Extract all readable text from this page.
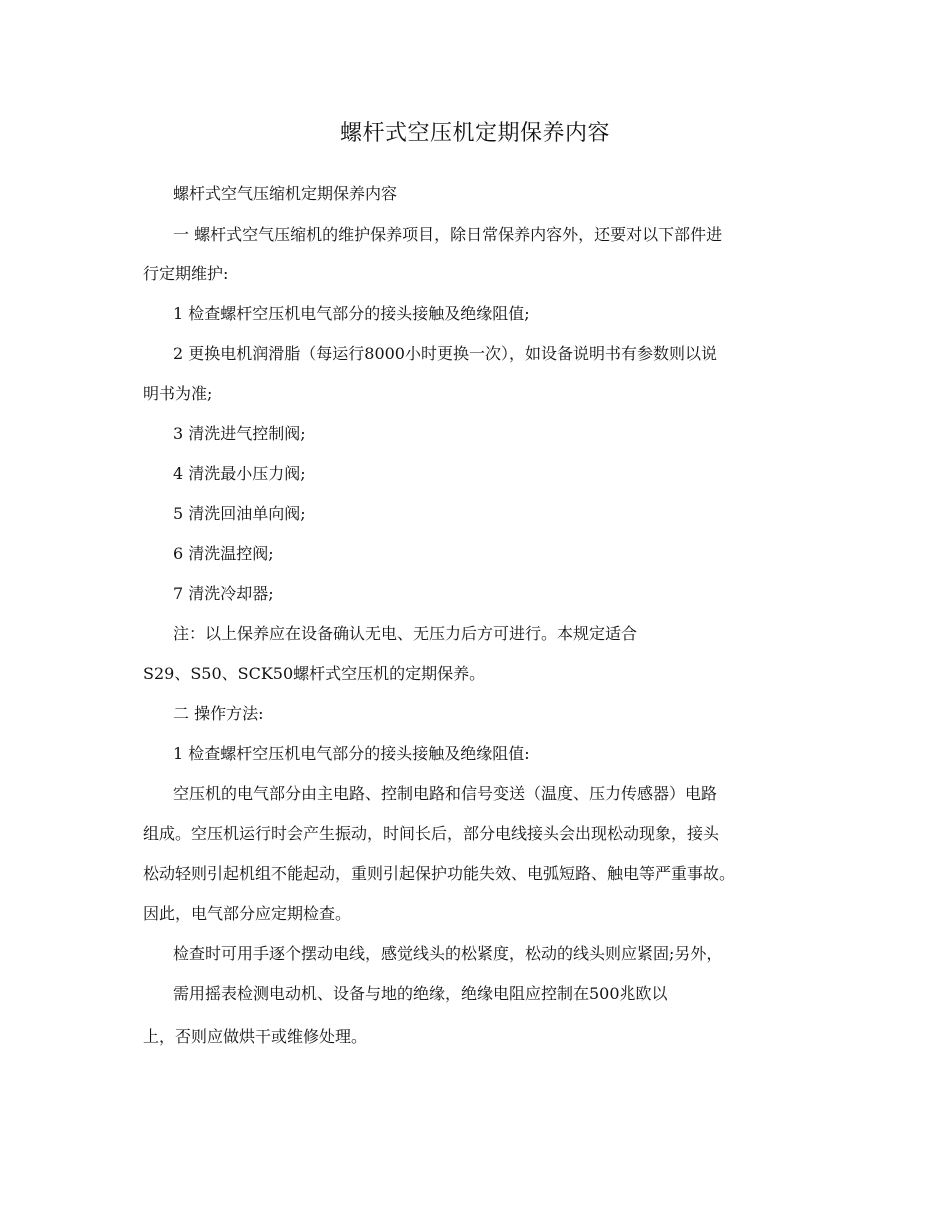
螺杆式空压机定期保养内容
螺杆式空气压缩机定期保养内容
一 螺杆式空气压缩机的维护保养项目，除日常保养内容外，还要对以下部件进
行定期维护:
1 检查螺杆空压机电气部分的接头接触及绝缘阻值;
2 更换电机润滑脂（每运行8000小时更换一次），如设备说明书有参数则以说
明书为准;
3 清洗进气控制阀;
4 清洗最小压力阀;
5 清洗回油单向阀;
6 清洗温控阀;
7 清洗冷却器;
注：以上保养应在设备确认无电、无压力后方可进行。本规定适合
S29、S50、SCK50螺杆式空压机的定期保养。
二 操作方法:
1 检查螺杆空压机电气部分的接头接触及绝缘阻值:
空压机的电气部分由主电路、控制电路和信号变送（温度、压力传感器）电路
组成。空压机运行时会产生振动，时间长后，部分电线接头会出现松动现象，接头
松动轻则引起机组不能起动，重则引起保护功能失效、电弧短路、触电等严重事故。
因此，电气部分应定期检查。
检查时可用手逐个摆动电线，感觉线头的松紧度，松动的线头则应紧固;另外，
需用摇表检测电动机、设备与地的绝缘，绝缘电阻应控制在500兆欧以
上，否则应做烘干或维修处理。
